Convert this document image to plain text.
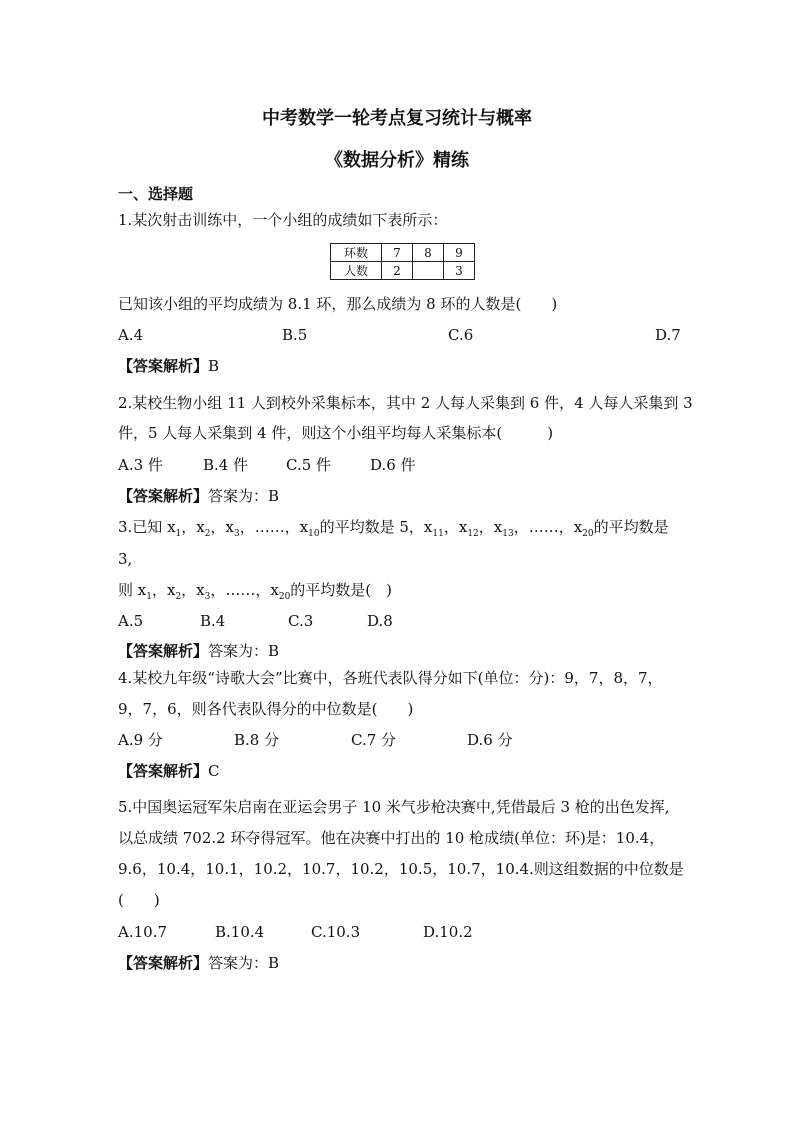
中考数学一轮考点复习统计与概率
《数据分析》精练
一、选择题
1.某次射击训练中，一个小组的成绩如下表所示：
环数	7	8	9
人数	2		3
已知该小组的平均成绩为 8.1 环，那么成绩为 8 环的人数是(　　)
A.4	B.5	C.6	D.7
【答案解析】B
2.某校生物小组 11 人到校外采集标本，其中 2 人每人采集到 6 件，4 人每人采集到 3
件，5 人每人采集到 4 件，则这个小组平均每人采集标本(　　　)
A.3 件	B.4 件	C.5 件	D.6 件
【答案解析】答案为：B
3.已知 $x_1$，$x_2$，$x_3$，……，$x_{10}$的平均数是 5，$x_{11}$，$x_{12}$，$x_{13}$，……，$x_{20}$的平均数是
3,
则 $x_1$，$x_2$，$x_3$，……，$x_{20}$的平均数是(　)
A.5	B.4	C.3	D.8
【答案解析】答案为：B
4.某校九年级“诗歌大会”比赛中，各班代表队得分如下(单位：分)：9，7，8，7，
9，7，6，则各代表队得分的中位数是(　　)
A.9 分	B.8 分	C.7 分	D.6 分
【答案解析】C
5.中国奥运冠军朱启南在亚运会男子 10 米气步枪决赛中,凭借最后 3 枪的出色发挥,
以总成绩 702.2 环夺得冠军。他在决赛中打出的 10 枪成绩(单位：环)是：10.4，
9.6，10.4，10.1，10.2，10.7，10.2，10.5，10.7，10.4.则这组数据的中位数是
(　　)
A.10.7	B.10.4	C.10.3	D.10.2
【答案解析】答案为：B
